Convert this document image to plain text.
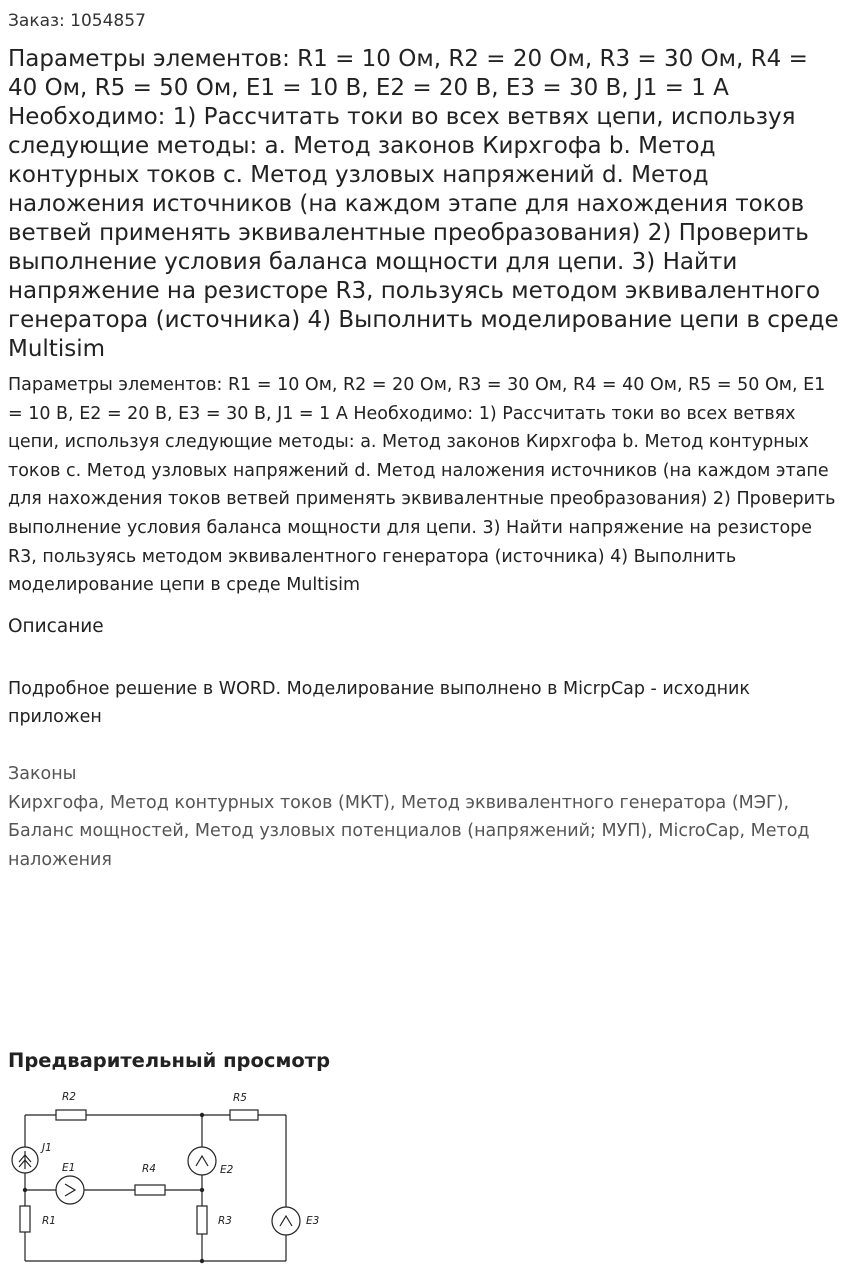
Заказ: 1054857

Параметры элементов: R1 = 10 Ом, R2 = 20 Ом, R3 = 30 Ом, R4 = 40 Ом, R5 = 50 Ом, E1 = 10 В, E2 = 20 В, E3 = 30 В, J1 = 1 А Необходимо: 1) Рассчитать токи во всех ветвях цепи, используя следующие методы: a. Метод законов Кирхгофа b. Метод контурных токов c. Метод узловых напряжений d. Метод наложения источников (на каждом этапе для нахождения токов ветвей применять эквивалентные преобразования) 2) Проверить выполнение условия баланса мощности для цепи. 3) Найти напряжение на резисторе R3, пользуясь методом эквивалентного генератора (источника) 4) Выполнить моделирование цепи в среде Multisim

Параметры элементов: R1 = 10 Ом, R2 = 20 Ом, R3 = 30 Ом, R4 = 40 Ом, R5 = 50 Ом, E1 = 10 В, E2 = 20 В, E3 = 30 В, J1 = 1 А Необходимо: 1) Рассчитать токи во всех ветвях цепи, используя следующие методы: a. Метод законов Кирхгофа b. Метод контурных токов c. Метод узловых напряжений d. Метод наложения источников (на каждом этапе для нахождения токов ветвей применять эквивалентные преобразования) 2) Проверить выполнение условия баланса мощности для цепи. 3) Найти напряжение на резисторе R3, пользуясь методом эквивалентного генератора (источника) 4) Выполнить моделирование цепи в среде Multisim

Описание

Подробное решение в WORD. Моделирование выполнено в MicrpCap - исходник приложен

Законы

Кирхгофа, Метод контурных токов (МКТ), Метод эквивалентного генератора (МЭГ), Баланс мощностей, Метод узловых потенциалов (напряжений; МУП), MicroCap, Метод наложения

Предварительный просмотр
R2	R5
R4
J1
E1	E2
R1	R3	E3
